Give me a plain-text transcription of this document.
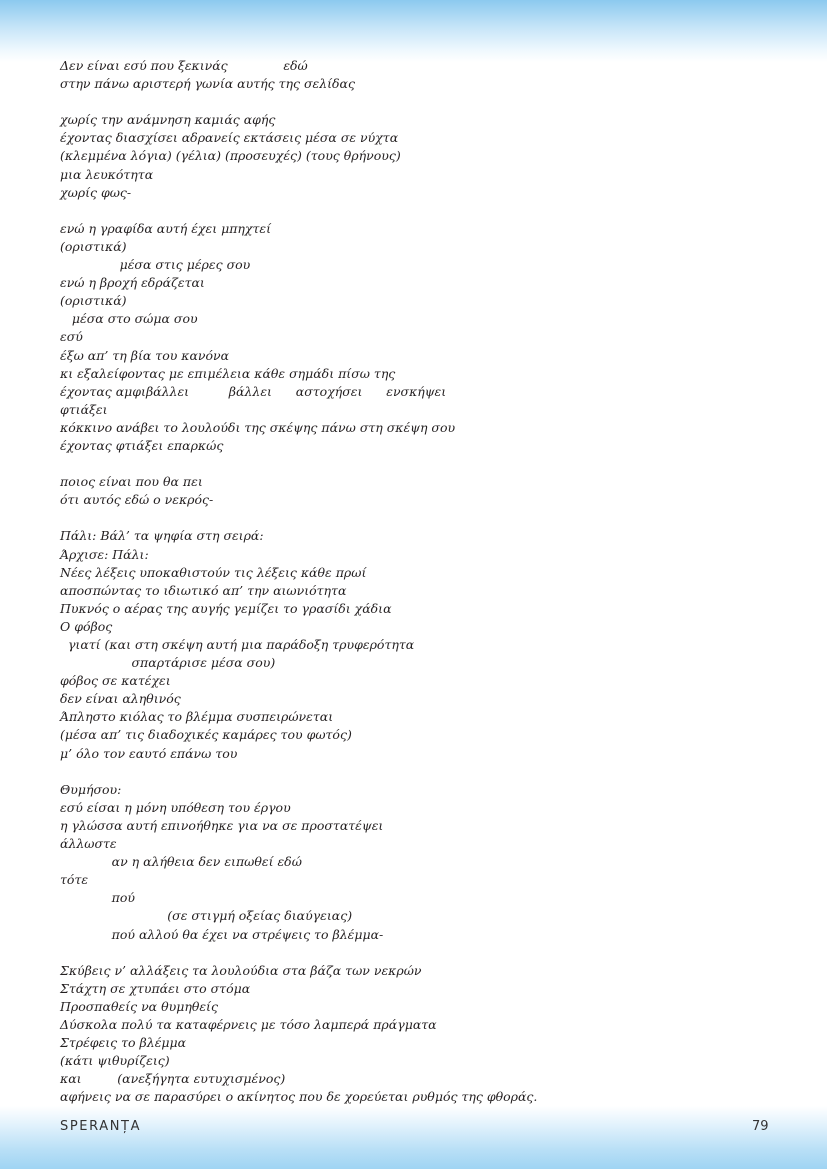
Δεν είναι εσύ που ξεκινάς              εδώ
στην πάνω αριστερή γωνία αυτής της σελίδας
χωρίς την ανάμνηση καμιάς αφής
έχοντας διασχίσει αδρανείς εκτάσεις μέσα σε νύχτα
(κλεμμένα λόγια) (γέλια) (προσευχές) (τους θρήνους)
μια λευκότητα
χωρίς φως-
ενώ η γραφίδα αυτή έχει μπηχτεί
(οριστικά)
μέσα στις μέρες σου
ενώ η βροχή εδράζεται
(οριστικά)
μέσα στο σώμα σου
εσύ
έξω απ’ τη βία του κανόνα
κι εξαλείφοντας με επιμέλεια κάθε σημάδι πίσω της
έχοντας αμφιβάλλει          βάλλει      αστοχήσει      ενσκήψει
φτιάξει
κόκκινο ανάβει το λουλούδι της σκέψης πάνω στη σκέψη σου
έχοντας φτιάξει επαρκώς
ποιος είναι που θα πει
ότι αυτός εδώ ο νεκρός-
Πάλι: Βάλ’ τα ψηφία στη σειρά:
Άρχισε: Πάλι:
Νέες λέξεις υποκαθιστούν τις λέξεις κάθε πρωί
αποσπώντας το ιδιωτικό απ’ την αιωνιότητα
Πυκνός ο αέρας της αυγής γεμίζει το γρασίδι χάδια
Ο φόβος
γιατί (και στη σκέψη αυτή μια παράδοξη τρυφερότητα
σπαρτάρισε μέσα σου)
φόβος σε κατέχει
δεν είναι αληθινός
Άπληστο κιόλας το βλέμμα συσπειρώνεται
(μέσα απ’ τις διαδοχικές καμάρες του φωτός)
μ’ όλο τον εαυτό επάνω του
Θυμήσου:
εσύ είσαι η μόνη υπόθεση του έργου
η γλώσσα αυτή επινοήθηκε για να σε προστατέψει
άλλωστε
αν η αλήθεια δεν ειπωθεί εδώ
τότε
πού
(σε στιγμή οξείας διαύγειας)
πού αλλού θα έχει να στρέψεις το βλέμμα-
Σκύβεις ν’ αλλάξεις τα λουλούδια στα βάζα των νεκρών
Στάχτη σε χτυπάει στο στόμα
Προσπαθείς να θυμηθείς
Δύσκολα πολύ τα καταφέρνεις με τόσο λαμπερά πράγματα
Στρέφεις το βλέμμα
(κάτι ψιθυρίζεις)
και         (ανεξήγητα ευτυχισμένος)
αφήνεις να σε παρασύρει ο ακίνητος που δε χορεύεται ρυθμός της φθοράς.
SPERANȚA	79
